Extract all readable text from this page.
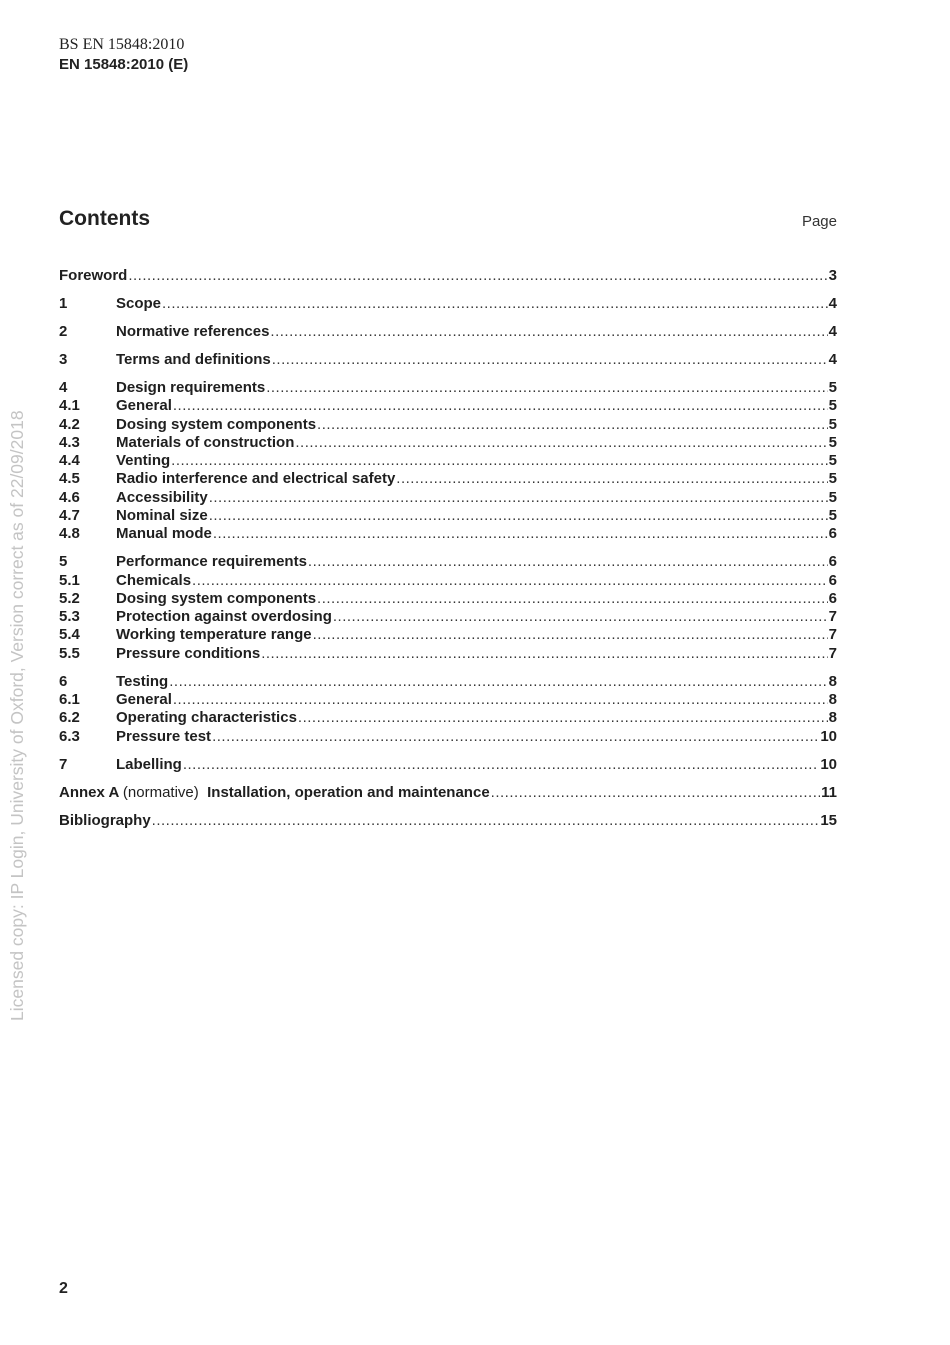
BS EN 15848:2010
EN 15848:2010 (E)
Contents	Page
Foreword .....	3
1	Scope .....	4
2	Normative references .....	4
3	Terms and definitions .....	4
4	Design requirements .....	5
4.1	General .....	5
4.2	Dosing system components .....	5
4.3	Materials of construction .....	5
4.4	Venting .....	5
4.5	Radio interference and electrical safety .....	5
4.6	Accessibility .....	5
4.7	Nominal size .....	5
4.8	Manual mode .....	6
5	Performance requirements .....	6
5.1	Chemicals .....	6
5.2	Dosing system components .....	6
5.3	Protection against overdosing .....	7
5.4	Working temperature range .....	7
5.5	Pressure conditions .....	7
6	Testing .....	8
6.1	General .....	8
6.2	Operating characteristics .....	8
6.3	Pressure test .....	10
7	Labelling .....	10
Annex A (normative) Installation, operation and maintenance .....	11
Bibliography .....	15
Licensed copy: IP Login, University of Oxford, Version correct as of 22/09/2018
2
